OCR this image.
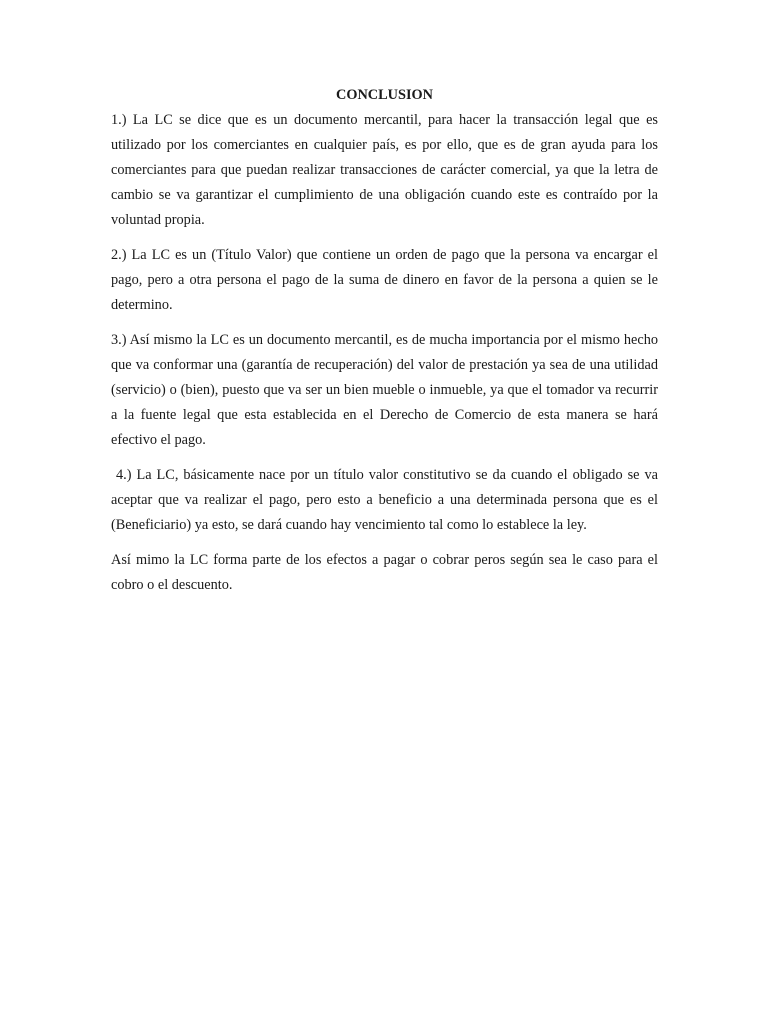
CONCLUSION

1.) La LC se dice que es un documento mercantil, para hacer la transacción legal que es utilizado por los comerciantes en cualquier país, es por ello, que es de gran ayuda para los comerciantes para que puedan realizar transacciones de carácter comercial, ya que la letra de cambio se va garantizar el cumplimiento de una obligación cuando este es contraído por la voluntad propia.

2.) La LC es un (Título Valor) que contiene un orden de pago que la persona va encargar el pago, pero a otra persona el pago de la suma de dinero en favor de la persona a quien se le determino.

3.) Así mismo la LC es un documento mercantil, es de mucha importancia por el mismo hecho que va conformar una (garantía de recuperación) del valor de prestación ya sea de una utilidad (servicio) o (bien), puesto que va ser un bien mueble o inmueble, ya que el tomador va recurrir a la fuente legal que esta establecida en el Derecho de Comercio de esta manera se hará efectivo el pago.

4.) La LC, básicamente nace por un título valor constitutivo se da cuando el obligado se va aceptar que va realizar el pago, pero esto a beneficio a una determinada persona que es el (Beneficiario) ya esto, se dará cuando hay vencimiento tal como lo establece la ley.

Así mimo la LC forma parte de los efectos a pagar o cobrar peros según sea le caso para el cobro o el descuento.
